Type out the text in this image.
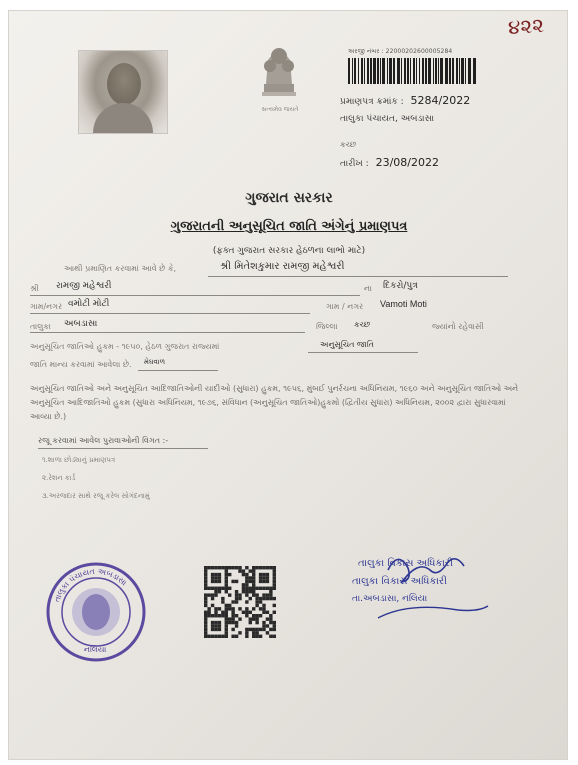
૪૨૨
સત્યમેવ જયતે
અરજી નંબર : 22000202600005284
પ્રમાણપત્ર ક્રમાંક : 5284/2022
તાલુકા પંચાયત, અબડાસા
કચ્છ
તારીખ : 23/08/2022
ગુજરાત સરકાર
ગુજરાતની અનુસૂચિત જાતિ અંગેનું પ્રમાણપત્ર
(ફક્ત ગુજરાત સરકાર હેઠળના લાભો માટે)
આથી પ્રમાણિત કરવામાં આવે છે કે,	શ્રી મિતેશકુમાર રામજી મહેશ્વરી
શ્રી રામજી મહેશ્વરી	ના દિકરો/પુત્ર
ગામ/નગર વમોટી મોટી	ગામ / નગર Vamoti Moti
તાલુકા અબડાસા	જિલ્લા કચ્છ	જ્યાંનો રહેવાસી
અનુસૂચિત જાતિઓ હુકમ - ૧૯૫૦, હેઠળ ગુજરાત રાજ્યમાં	અનુસૂચિત જાતિ
જાતિ માન્ય કરવામાં આવેલા છે. મેઘવાળ
અનુસૂચિત જાતિઓ અને અનુસૂચિત આદિજાતિઓની યાદીઓ (સુધારા) હુકમ, ૧૯૫૬, મુંબઈ પુનર્રચના અધિનિયમ, ૧૯૬૦ અને અનુસૂચિત જાતિઓ અને અનુસૂચિત આદિજાતિઓ હુકમ (સુધારા અધિનિયમ, ૧૯૭૬, સંવિધાન (અનુસૂચિત જાતિઓ)હુકમો (દ્વિતીય સુધારા) અધિનિયમ, ૨૦૦૨ દ્વારા સુધારવામાં આવ્યા છે.)
રજૂ કરવામાં આવેલ પુરાવાઓની વિગત :-
૧.શાળા છોડ્યાનું પ્રમાણપત્ર
૨.રેશન કાર્ડ
૩.અરજદાર સાથે રજૂ કરેલ સોગંદનામું
તાલુકા પંચાયત અબડાસા
નલિયા
તાલુકા વિકાસ અધિકારી
તાલુકા વિકાસ અધિકારી
તા.અબડાસા, નલિયા
